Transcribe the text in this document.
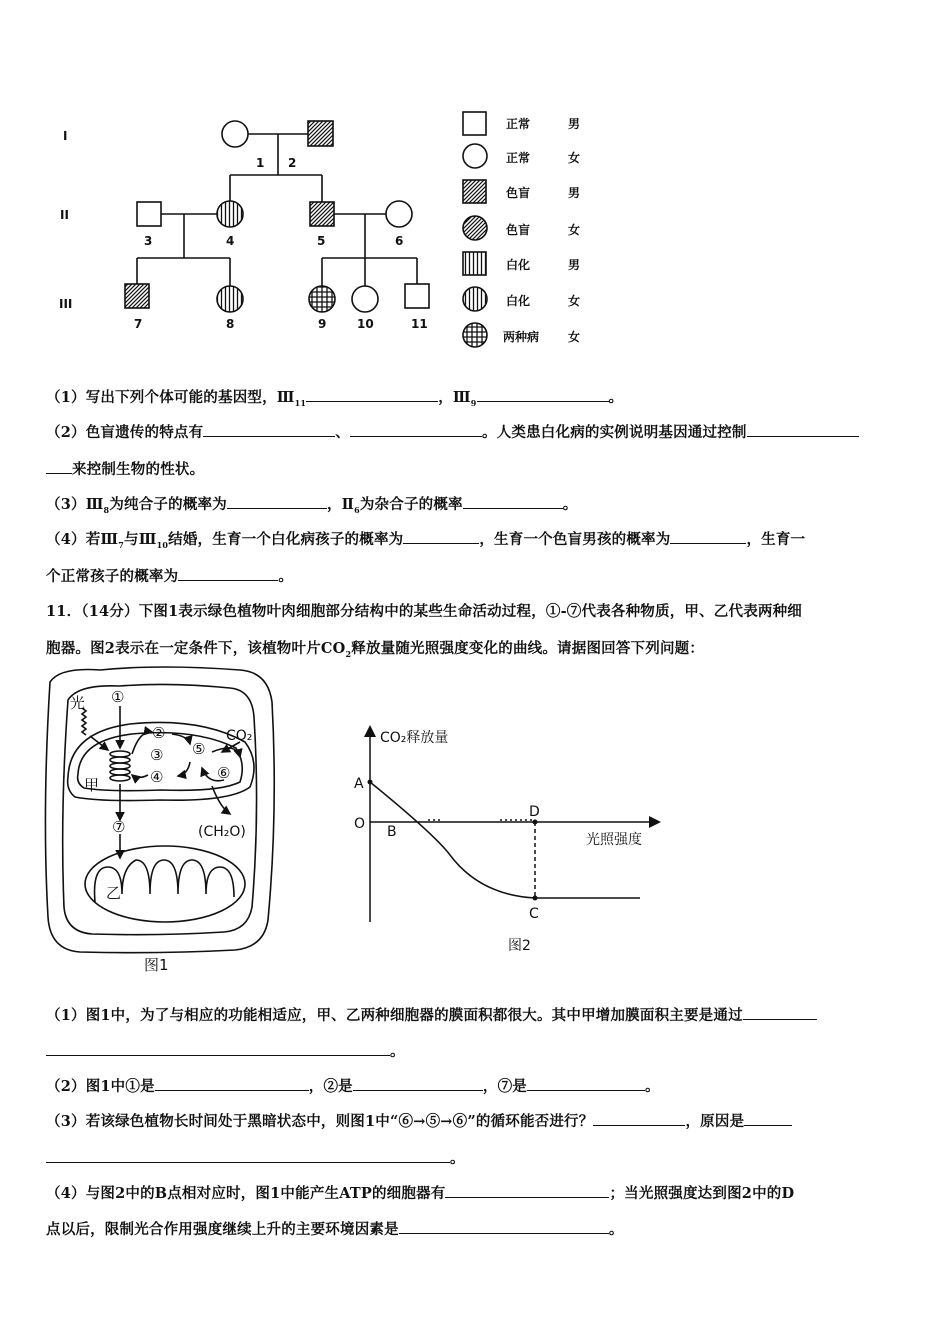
I
II
III
1 2
3	4	5	6
7	8	9	10	11
正常	男
正常	女
色盲	男
色盲	女
白化	男
白化	女
两种病 女
（1）写出下列个体可能的基因型，$Ⅲ_{11}$	，$Ⅲ_9$	。
（2）色盲遗传的特点有	、	。人类患白化病的实例说明基因通过控制
来控制生物的性状。
$(3)Ⅲ_8$为纯合子的概率为	，$Ⅱ_6$为杂合子的概率	。
（4）若$Ⅲ_7$与$Ⅲ_{10}$结婚，生育一个白化病孩子的概率为	，生育一个色盲男孩的概率为	，生育一
个正常孩子的概率为	。
11．（14分）下图1表示绿色植物叶肉细胞部分结构中的某些生命活动过程，①-⑦代表各种物质，甲、乙代表两种细
胞器。图2表示在一定条件下，该植物叶片$CO_2$释放量随光照强度变化的曲线。请据图回答下列问题：
光 ①
②
③
④
⑤
⑥
⑦
CO₂
甲
乙
(CH₂O)
图1
CO₂释放量
光照强度
A
O B
D
C
图2
（1）图1中，为了与相应的功能相适应，甲、乙两种细胞器的膜面积都很大。其中甲增加膜面积主要是通过
。
（2）图1中①是	，②是	，⑦是	。
（3）若该绿色植物长时间处于黑暗状态中，则图1中“⑥→⑤→⑥”的循环能否进行？	，原因是
。
（4）与图2中的B点相对应时，图1中能产生ATP的细胞器有	；当光照强度达到图2中的D
点以后，限制光合作用强度继续上升的主要环境因素是	。
